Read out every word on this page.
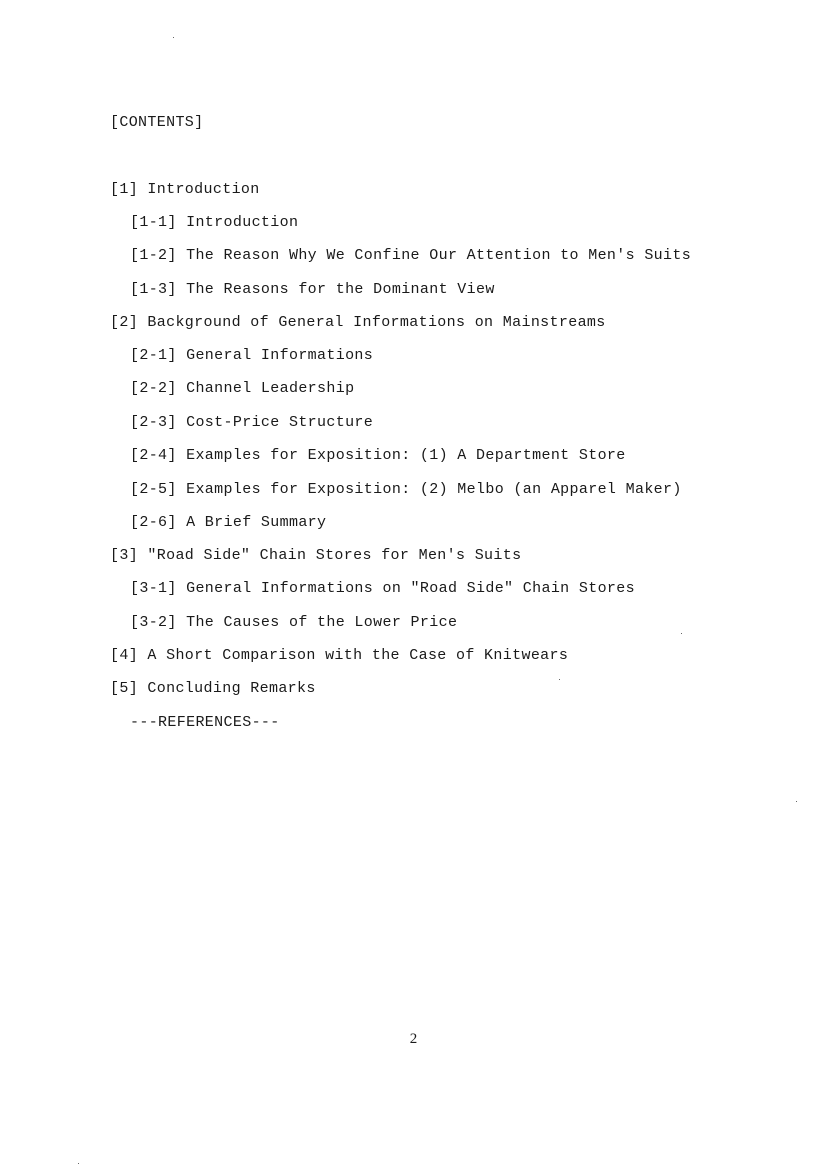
[CONTENTS]

[1] Introduction

[1-1] Introduction

[1-2] The Reason Why We Confine Our Attention to Men's Suits

[1-3] The Reasons for the Dominant View

[2] Background of General Informations on Mainstreams

[2-1] General Informations

[2-2] Channel Leadership

[2-3] Cost-Price Structure

[2-4] Examples for Exposition: (1) A Department Store

[2-5] Examples for Exposition: (2) Melbo (an Apparel Maker)

[2-6] A Brief Summary

[3] "Road Side" Chain Stores for Men's Suits

[3-1] General Informations on "Road Side" Chain Stores

[3-2] The Causes of the Lower Price

[4] A Short Comparison with the Case of Knitwears

[5] Concluding Remarks

---REFERENCES---

2
